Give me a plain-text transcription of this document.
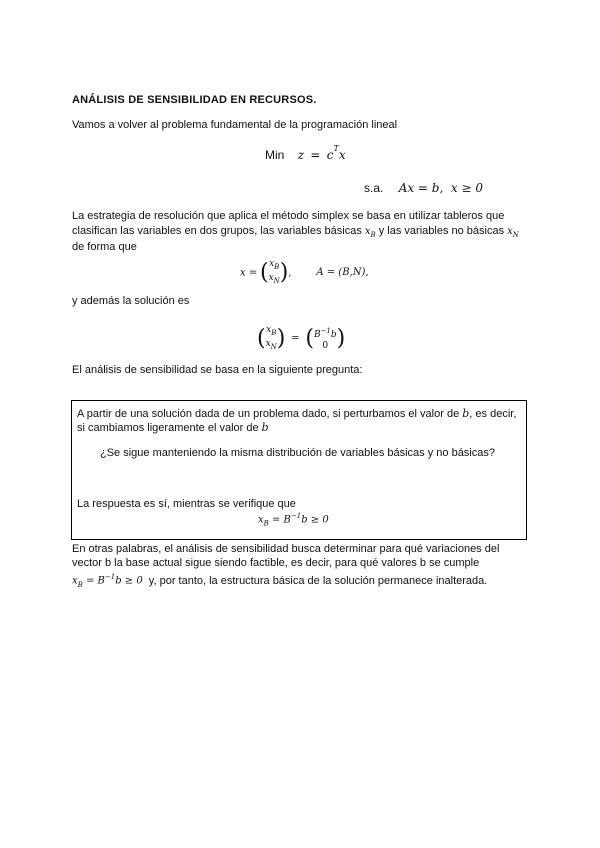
ANÁLISIS DE SENSIBILIDAD EN RECURSOS.
Vamos a volver al problema fundamental de la programación lineal
Min $z = c^Tx$
s.a. Ax = b,  x ≥ 0
La estrategia de resolución que aplica el método simplex se basa en utilizar tableros que
clasifican las variables en dos grupos, las variables básicas $x_B$ y las variables no básicas $x_N$
de forma que
x = ( $x_B$
$x_N$ ), A = (B,N),
y además la solución es
( $x_B$
$x_N$ ) = ( $B^{-1}b$
0 )
El análisis de sensibilidad se basa en la siguiente pregunta:
A partir de una solución dada de un problema dado, si perturbamos el valor de b, es decir,
si cambiamos ligeramente el valor de b
¿Se sigue manteniendo la misma distribución de variables básicas y no básicas?
La respuesta es sí, mientras se verifique que
$x_B = B^{-1}b \ge 0$
En otras palabras, el análisis de sensibilidad busca determinar para qué variaciones del
vector b la base actual sigue siendo factible, es decir, para qué valores b se cumple
$x_B = B^{-1}b \ge 0$ y, por tanto, la estructura básica de la solución permanece inalterada.
